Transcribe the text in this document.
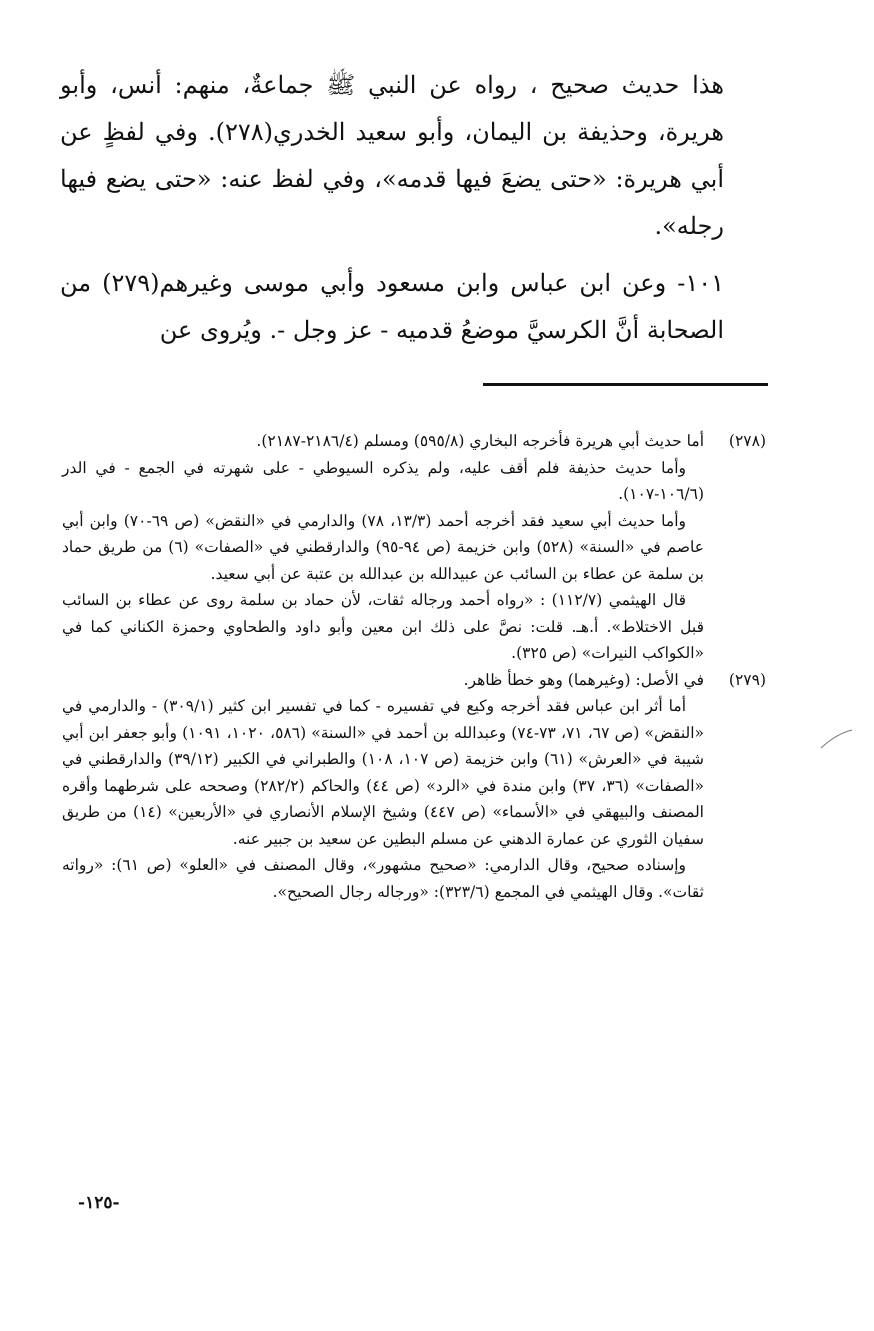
هذا حديث صحيح ، رواه عن النبي ﷺ جماعةٌ، منهم: أنس، وأبو هريرة، وحذيفة بن اليمان، وأبو سعيد الخدري(٢٧٨). وفي لفظٍ عن أبي هريرة: «حتى يضعَ فيها قدمه»، وفي لفظ عنه: «حتى يضع فيها رجله».

١٠١- وعن ابن عباس وابن مسعود وأبي موسى وغيرهم(٢٧٩) من الصحابة أنَّ الكرسيَّ موضعُ قدميه - عز وجل -. ويُروى عن

(٢٧٨)

أما حديث أبي هريرة فأخرجه البخاري (٥٩٥/٨) ومسلم (٢١٨٦/٤-٢١٨٧).

وأما حديث حذيفة فلم أقف عليه، ولم يذكره السيوطي - على شهرته في الجمع - في الدر (١٠٦/٦-١٠٧).

وأما حديث أبي سعيد فقد أخرجه أحمد (١٣/٣، ٧٨) والدارمي في «النقض» (ص ٦٩-٧٠) وابن أبي عاصم في «السنة» (٥٢٨) وابن خزيمة (ص ٩٤-٩٥) والدارقطني في «الصفات» (٦) من طريق حماد بن سلمة عن عطاء بن السائب عن عبيدالله بن عبدالله بن عتبة عن أبي سعيد.

قال الهيثمي (١١٢/٧) : «رواه أحمد ورجاله ثقات، لأن حماد بن سلمة روى عن عطاء بن السائب قبل الاختلاط». أ.هـ. قلت: نصَّ على ذلك ابن معين وأبو داود والطحاوي وحمزة الكناني كما في «الكواكب النيرات» (ص ٣٢٥).

(٢٧٩)

في الأصل: (وغيرهما) وهو خطأ ظاهر.

أما أثر ابن عباس فقد أخرجه وكيع في تفسيره - كما في تفسير ابن كثير (٣٠٩/١) - والدارمي في «النقض» (ص ٦٧، ٧١، ٧٣-٧٤) وعبدالله بن أحمد في «السنة» (٥٨٦، ١٠٢٠، ١٠٩١) وأبو جعفر ابن أبي شيبة في «العرش» (٦١) وابن خزيمة (ص ١٠٧، ١٠٨) والطبراني في الكبير (٣٩/١٢) والدارقطني في «الصفات» (٣٦، ٣٧) وابن مندة في «الرد» (ص ٤٤) والحاكم (٢٨٢/٢) وصححه على شرطهما وأقره المصنف والبيهقي في «الأسماء» (ص ٤٤٧) وشيخ الإسلام الأنصاري في «الأربعين» (١٤) من طريق سفيان الثوري عن عمارة الدهني عن مسلم البطين عن سعيد بن جبير عنه.

وإسناده صحيح، وقال الدارمي: «صحيح مشهور»، وقال المصنف في «العلو» (ص ٦١): «رواته ثقات». وقال الهيثمي في المجمع (٣٢٣/٦): «ورجاله رجال الصحيح».

-١٢٥-
